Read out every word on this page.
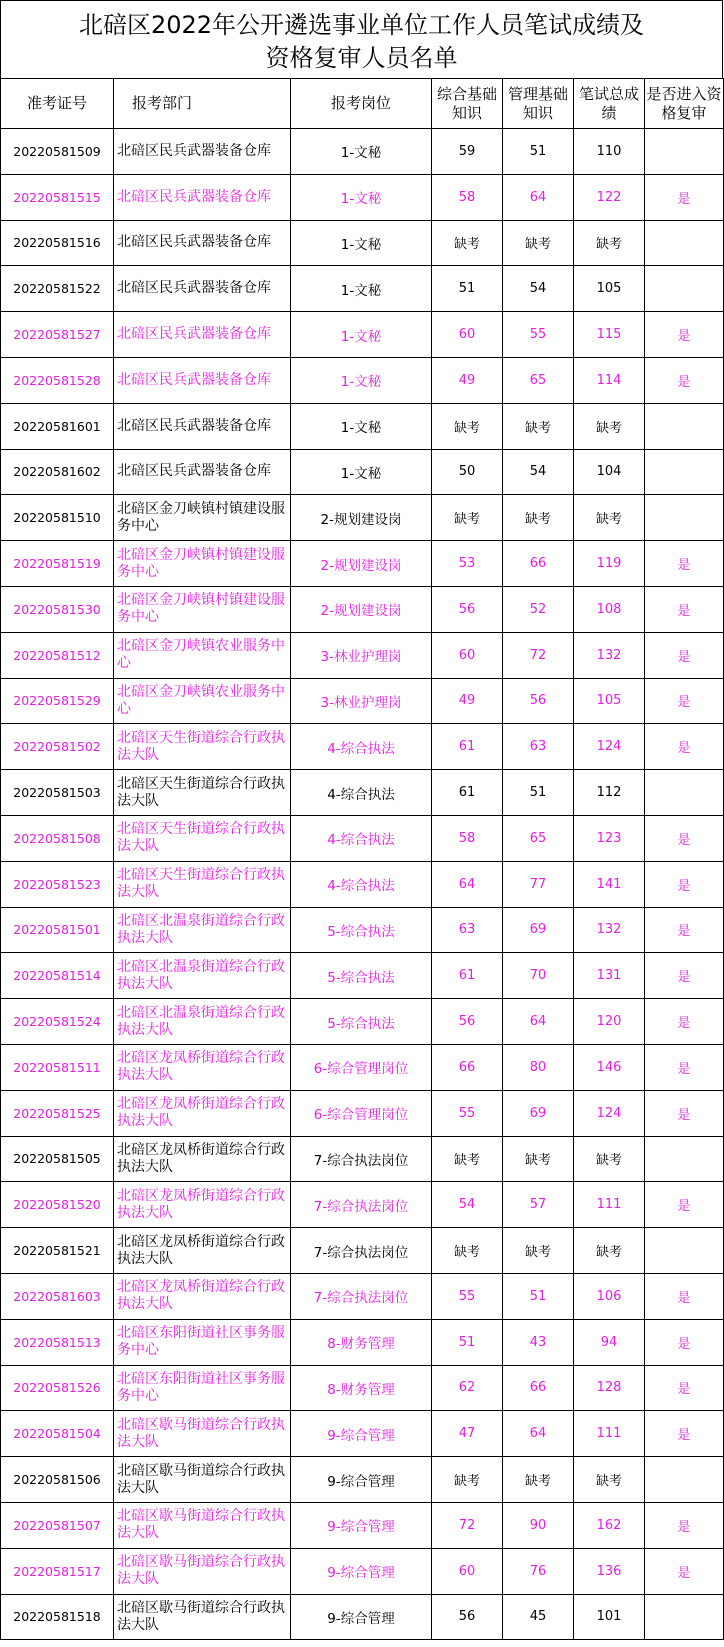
北碚区2022年公开遴选事业单位工作人员笔试成绩及
资格复审人员名单
准考证号	报考部门	报考岗位	综合基础知识	管理基础知识	笔试总成绩	是否进入资格复审
20220581509	北碚区民兵武器装备仓库	1-文秘	59	51	110	
20220581515	北碚区民兵武器装备仓库	1-文秘	58	64	122	是
20220581516	北碚区民兵武器装备仓库	1-文秘	缺考	缺考	缺考	
20220581522	北碚区民兵武器装备仓库	1-文秘	51	54	105	
20220581527	北碚区民兵武器装备仓库	1-文秘	60	55	115	是
20220581528	北碚区民兵武器装备仓库	1-文秘	49	65	114	是
20220581601	北碚区民兵武器装备仓库	1-文秘	缺考	缺考	缺考	
20220581602	北碚区民兵武器装备仓库	1-文秘	50	54	104	
20220581510	北碚区金刀峡镇村镇建设服务中心	2-规划建设岗	缺考	缺考	缺考	
20220581519	北碚区金刀峡镇村镇建设服务中心	2-规划建设岗	53	66	119	是
20220581530	北碚区金刀峡镇村镇建设服务中心	2-规划建设岗	56	52	108	是
20220581512	北碚区金刀峡镇农业服务中心	3-林业护理岗	60	72	132	是
20220581529	北碚区金刀峡镇农业服务中心	3-林业护理岗	49	56	105	是
20220581502	北碚区天生街道综合行政执法大队	4-综合执法	61	63	124	是
20220581503	北碚区天生街道综合行政执法大队	4-综合执法	61	51	112	
20220581508	北碚区天生街道综合行政执法大队	4-综合执法	58	65	123	是
20220581523	北碚区天生街道综合行政执法大队	4-综合执法	64	77	141	是
20220581501	北碚区北温泉街道综合行政执法大队	5-综合执法	63	69	132	是
20220581514	北碚区北温泉街道综合行政执法大队	5-综合执法	61	70	131	是
20220581524	北碚区北温泉街道综合行政执法大队	5-综合执法	56	64	120	是
20220581511	北碚区龙凤桥街道综合行政执法大队	6-综合管理岗位	66	80	146	是
20220581525	北碚区龙凤桥街道综合行政执法大队	6-综合管理岗位	55	69	124	是
20220581505	北碚区龙凤桥街道综合行政执法大队	7-综合执法岗位	缺考	缺考	缺考	
20220581520	北碚区龙凤桥街道综合行政执法大队	7-综合执法岗位	54	57	111	是
20220581521	北碚区龙凤桥街道综合行政执法大队	7-综合执法岗位	缺考	缺考	缺考	
20220581603	北碚区龙凤桥街道综合行政执法大队	7-综合执法岗位	55	51	106	是
20220581513	北碚区东阳街道社区事务服务中心	8-财务管理	51	43	94	是
20220581526	北碚区东阳街道社区事务服务中心	8-财务管理	62	66	128	是
20220581504	北碚区歇马街道综合行政执法大队	9-综合管理	47	64	111	是
20220581506	北碚区歇马街道综合行政执法大队	9-综合管理	缺考	缺考	缺考	
20220581507	北碚区歇马街道综合行政执法大队	9-综合管理	72	90	162	是
20220581517	北碚区歇马街道综合行政执法大队	9-综合管理	60	76	136	是
20220581518	北碚区歇马街道综合行政执法大队	9-综合管理	56	45	101	
